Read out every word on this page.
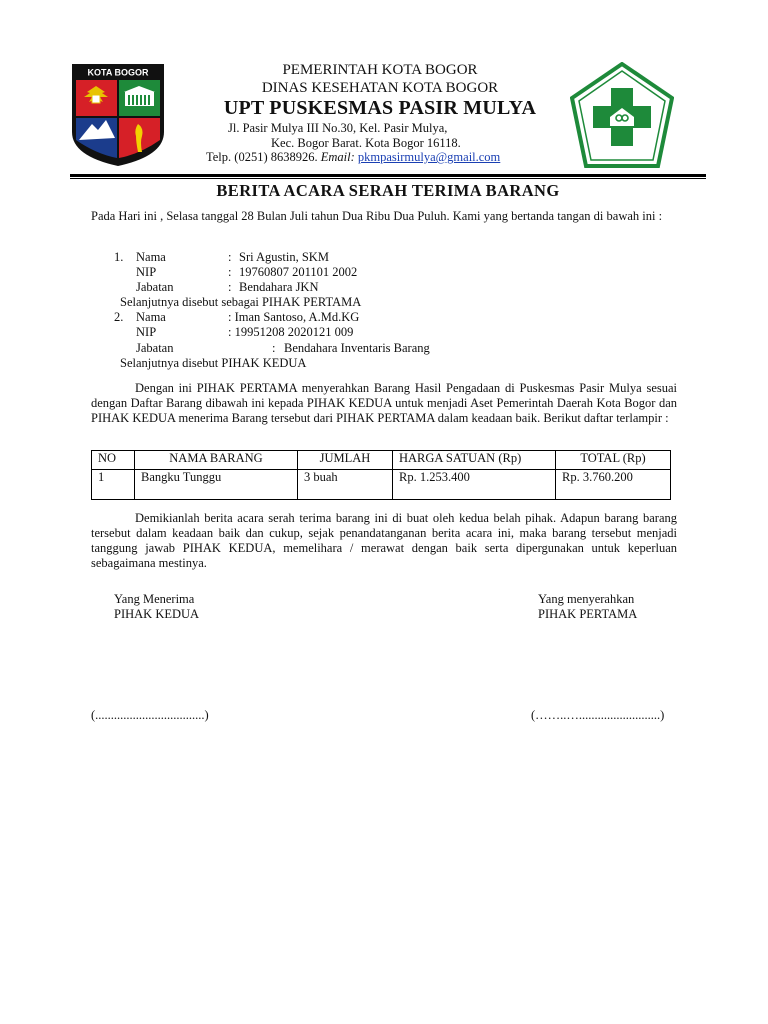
KOTA BOGOR	PEMERINTAH KOTA BOGOR
DINAS KESEHATAN KOTA BOGOR
UPT PUSKESMAS PASIR MULYA
Jl. Pasir Mulya III No.30, Kel. Pasir Mulya,
Kec. Bogor Barat. Kota Bogor 16118.
Telp. (0251) 8638926. Email: pkmpasirmulya@gmail.com
BERITA ACARA SERAH TERIMA BARANG
Pada Hari ini , Selasa tanggal 28 Bulan Juli tahun Dua Ribu Dua Puluh. Kami yang bertanda tangan di bawah ini :
1. Nama	: Sri Agustin, SKM
NIP	: 19760807 201101 2002
Jabatan	: Bendahara JKN
Selanjutnya disebut sebagai PIHAK PERTAMA
2. Nama	: Iman Santoso, A.Md.KG
NIP	: 19951208 2020121 009
Jabatan	: Bendahara Inventaris Barang
Selanjutnya disebut PIHAK KEDUA
Dengan ini PIHAK PERTAMA menyerahkan Barang Hasil Pengadaan di Puskesmas Pasir Mulya sesuai dengan Daftar Barang dibawah ini kepada PIHAK KEDUA untuk menjadi Aset Pemerintah Daerah Kota Bogor dan PIHAK KEDUA menerima Barang tersebut dari PIHAK PERTAMA dalam keadaan baik. Berikut daftar terlampir :
NO	NAMA BARANG	JUMLAH	HARGA SATUAN (Rp)	TOTAL (Rp)
1	Bangku Tunggu	3 buah	Rp. 1.253.400	Rp. 3.760.200
Demikianlah berita acara serah terima barang ini di buat oleh kedua belah pihak. Adapun barang barang tersebut dalam keadaan baik dan cukup, sejak penandatanganan berita acara ini, maka barang tersebut menjadi tanggung jawab PIHAK KEDUA, memelihara / merawat dengan baik serta dipergunakan untuk keperluan sebagaimana mestinya.
Yang Menerima
PIHAK KEDUA
Yang menyerahkan
PIHAK PERTAMA
(...................................)	(……..…..........................)
